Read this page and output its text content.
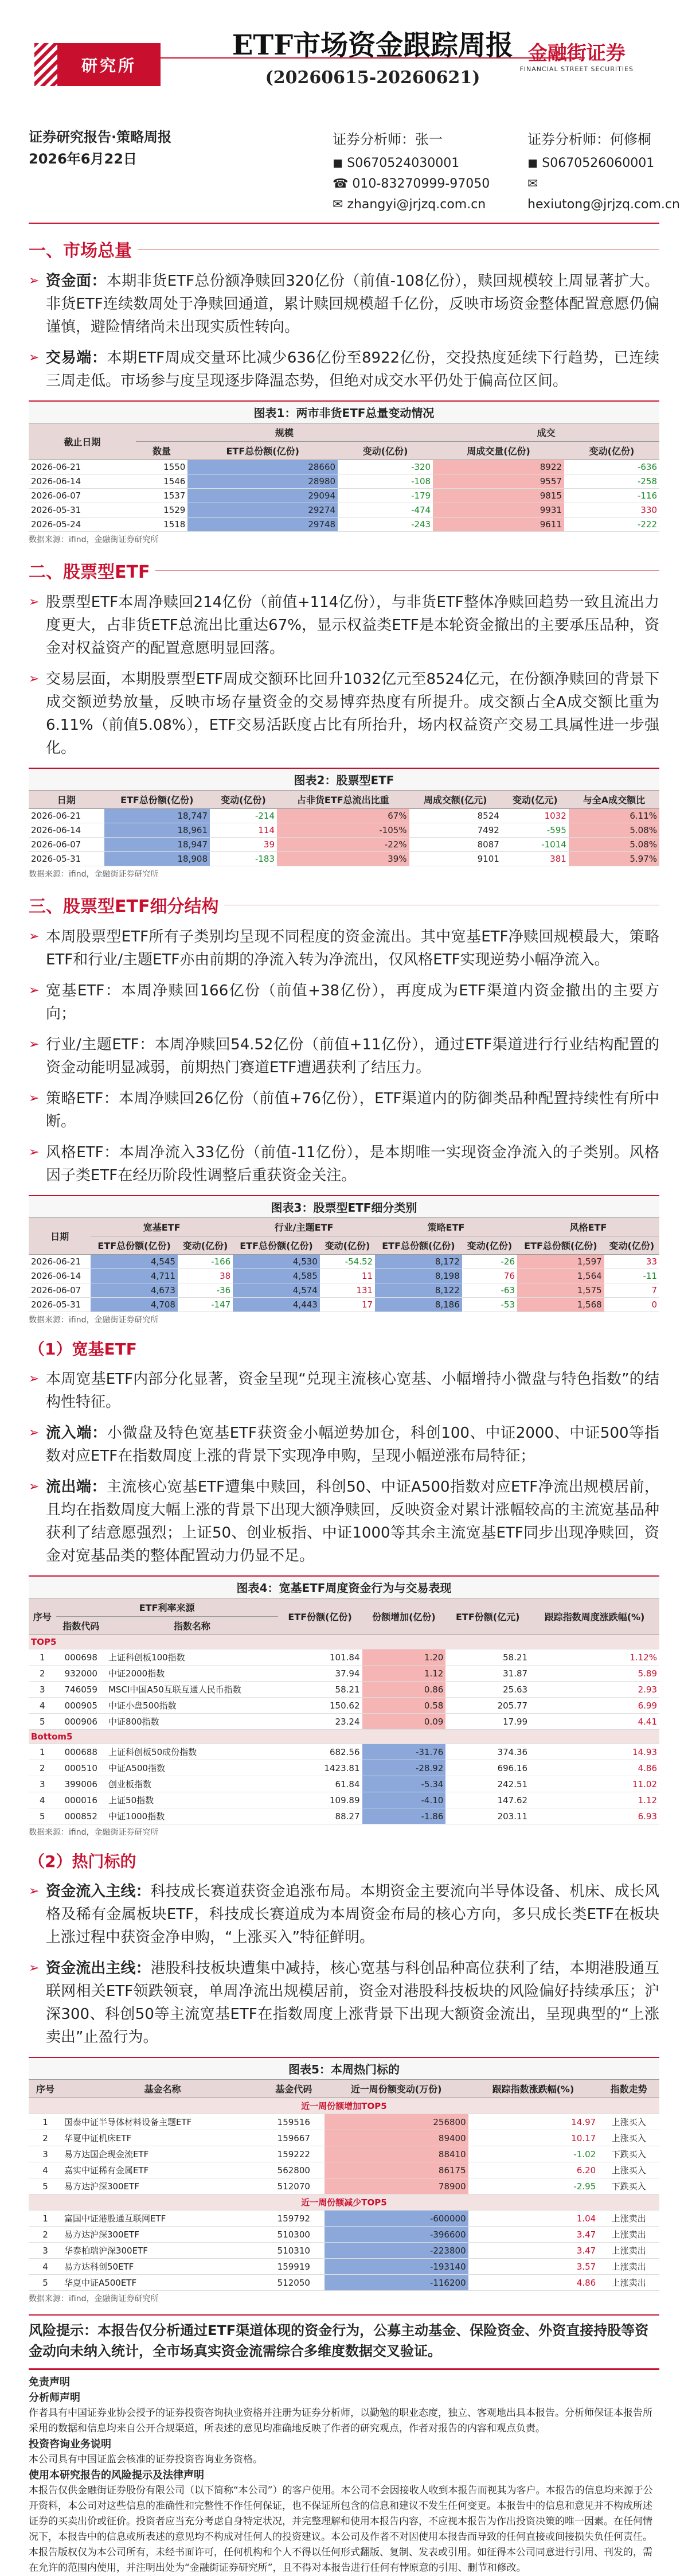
研究所
ETF市场资金跟踪周报
(20260615-20260621)
金融街证券
FINANCIAL STREET SECURITIES
证券研究报告·策略周报
2026年6月22日
证券分析师：张一
◼ S0670524030001
☎ 010-83270999-97050
✉ zhangyi@jrjzq.com.cn
证券分析师：何修桐
◼ S0670526060001
✉ hexiutong@jrjzq.com.cn
一、市场总量
➢ 资金面：本期非货ETF总份额净赎回320亿份（前值-108亿份），赎回规模较上周显著扩大。非货ETF连续数周处于净赎回通道，累计赎回规模超千亿份，反映市场资金整体配置意愿仍偏谨慎，避险情绪尚未出现实质性转向。
➢ 交易端：本期ETF周成交量环比减少636亿份至8922亿份，交投热度延续下行趋势，已连续三周走低。市场参与度呈现逐步降温态势，但绝对成交水平仍处于偏高位区间。
图表1：两市非货ETF总量变动情况
截止日期	规模			成交	
	数量	ETF总份额(亿份)	变动(亿份)	周成交量(亿份)	变动(亿份)
2026-06-21	1550	28660	-320	8922	-636
2026-06-14	1546	28980	-108	9557	-258
2026-06-07	1537	29094	-179	9815	-116
2026-05-31	1529	29274	-474	9931	330
2026-05-24	1518	29748	-243	9611	-222
数据来源：ifind，金融街证券研究所
二、股票型ETF
➢ 股票型ETF本周净赎回214亿份（前值+114亿份），与非货ETF整体净赎回趋势一致且流出力度更大，占非货ETF总流出比重达67%，显示权益类ETF是本轮资金撤出的主要承压品种，资金对权益资产的配置意愿明显回落。
➢ 交易层面，本期股票型ETF周成交额环比回升1032亿元至8524亿元，在份额净赎回的背景下成交额逆势放量，反映市场存量资金的交易博弈热度有所提升。成交额占全A成交额比重为6.11%（前值5.08%），ETF交易活跃度占比有所抬升，场内权益资产交易工具属性进一步强化。
图表2：股票型ETF
日期	ETF总份额(亿份)	变动(亿份)	占非货ETF总流出比重	周成交额(亿元)	变动(亿元)	与全A成交额比
2026-06-21	18,747	-214	67%	8524	1032	6.11%
2026-06-14	18,961	114	-105%	7492	-595	5.08%
2026-06-07	18,947	39	-22%	8087	-1014	5.08%
2026-05-31	18,908	-183	39%	9101	381	5.97%
数据来源：ifind，金融街证券研究所
三、股票型ETF细分结构
➢ 本周股票型ETF所有子类别均呈现不同程度的资金流出。其中宽基ETF净赎回规模最大，策略ETF和行业/主题ETF亦由前期的净流入转为净流出，仅风格ETF实现逆势小幅净流入。
➢ 宽基ETF：本周净赎回166亿份（前值+38亿份），再度成为ETF渠道内资金撤出的主要方向；
➢ 行业/主题ETF：本周净赎回54.52亿份（前值+11亿份），通过ETF渠道进行行业结构配置的资金动能明显减弱，前期热门赛道ETF遭遇获利了结压力。
➢ 策略ETF：本周净赎回26亿份（前值+76亿份），ETF渠道内的防御类品种配置持续性有所中断。
➢ 风格ETF：本周净流入33亿份（前值-11亿份），是本期唯一实现资金净流入的子类别。风格因子类ETF在经历阶段性调整后重获资金关注。
图表3：股票型ETF细分类别
日期	宽基ETF		行业/主题ETF		策略ETF		风格ETF	
	ETF总份额(亿份)	变动(亿份)	ETF总份额(亿份)	变动(亿份)	ETF总份额(亿份)	变动(亿份)	ETF总份额(亿份)	变动(亿份)
2026-06-21	4,545	-166	4,530	-54.52	8,172	-26	1,597	33
2026-06-14	4,711	38	4,585	11	8,198	76	1,564	-11
2026-06-07	4,673	-36	4,574	131	8,122	-63	1,575	7
2026-05-31	4,708	-147	4,443	17	8,186	-53	1,568	0
数据来源：ifind，金融街证券研究所
（1）宽基ETF
➢ 本周宽基ETF内部分化显著，资金呈现“兑现主流核心宽基、小幅增持小微盘与特色指数”的结构性特征。
➢ 流入端：小微盘及特色宽基ETF获资金小幅逆势加仓，科创100、中证2000、中证500等指数对应ETF在指数周度上涨的背景下实现净申购，呈现小幅逆涨布局特征；
➢ 流出端：主流核心宽基ETF遭集中赎回，科创50、中证A500指数对应ETF净流出规模居前，且均在指数周度大幅上涨的背景下出现大额净赎回，反映资金对累计涨幅较高的主流宽基品种获利了结意愿强烈；上证50、创业板指、中证1000等其余主流宽基ETF同步出现净赎回，资金对宽基品类的整体配置动力仍显不足。
图表4：宽基ETF周度资金行为与交易表现
序号	ETF利率来源		ETF份额(亿份)	份额增加(亿份)	ETF份额(亿元)	跟踪指数周度涨跌幅(%)
	指数代码	指数名称				
TOP5						
1	000698	上证科创板100指数	101.84	1.20	58.21	1.12%
2	932000	中证2000指数	37.94	1.12	31.87	5.89
3	746059	MSCI中国A50互联互通人民币指数	58.21	0.86	25.63	2.93
4	000905	中证小盘500指数	150.62	0.58	205.77	6.99
5	000906	中证800指数	23.24	0.09	17.99	4.41
Bottom5						
1	000688	上证科创板50成份指数	682.56	-31.76	374.36	14.93
2	000510	中证A500指数	1423.81	-28.92	696.16	4.86
3	399006	创业板指数	61.84	-5.34	242.51	11.02
4	000016	上证50指数	109.89	-4.10	147.62	1.12
5	000852	中证1000指数	88.27	-1.86	203.11	6.93
数据来源：ifind，金融街证券研究所
（2）热门标的
➢ 资金流入主线：科技成长赛道获资金追涨布局。本期资金主要流向半导体设备、机床、成长风格及稀有金属板块ETF，科技成长赛道成为本周资金布局的核心方向，多只成长类ETF在板块上涨过程中获资金净申购，“上涨买入”特征鲜明。
➢ 资金流出主线：港股科技板块遭集中减持，核心宽基与科创品种高位获利了结，本期港股通互联网相关ETF领跌领衰，单周净流出规模居前，资金对港股科技板块的风险偏好持续承压；沪深300、科创50等主流宽基ETF在指数周度上涨背景下出现大额资金流出，呈现典型的“上涨卖出”止盈行为。
图表5：本周热门标的
序号	基金名称	基金代码	近一周份额变动(万份)	跟踪指数涨跌幅(%)	指数走势
近一周份额增加TOP5					
1	国泰中证半导体材料设备主题ETF	159516	256800	14.97	上涨买入
2	华夏中证机床ETF	159667	89400	10.17	上涨买入
3	易方达国企现金流ETF	159222	88410	-1.02	下跌买入
4	嘉实中证稀有金属ETF	562800	86175	6.20	上涨买入
5	易方达沪深300ETF	512070	78900	-2.95	下跌买入
近一周份额减少TOP5					
1	富国中证港股通互联网ETF	159792	-600000	1.04	上涨卖出
2	易方达沪深300ETF	510300	-396600	3.47	上涨卖出
3	华泰柏瑞沪深300ETF	510310	-223800	3.47	上涨卖出
4	易方达科创50ETF	159919	-193140	3.57	上涨卖出
5	华夏中证A500ETF	512050	-116200	4.86	上涨卖出
数据来源：ifind，金融街证券研究所
风险提示：本报告仅分析通过ETF渠道体现的资金行为，公募主动基金、保险资金、外资直接持股等资金动向未纳入统计，全市场真实资金流需综合多维度数据交叉验证。
免责声明
分析师声明
作者具有中国证券业协会授予的证券投资咨询执业资格并注册为证券分析师，以勤勉的职业态度，独立、客观地出具本报告。分析师保证本报告所采用的数据和信息均来自公开合规渠道，所表述的意见均准确地反映了作者的研究观点，作者对报告的内容和观点负责。
投资咨询业务说明
本公司具有中国证监会核准的证券投资咨询业务资格。
使用本研究报告的风险提示及法律声明
本报告仅供金融街证券股份有限公司（以下简称“本公司”）的客户使用。本公司不会因接收人收到本报告而视其为客户。本报告的信息均来源于公开资料，本公司对这些信息的准确性和完整性不作任何保证，也不保证所包含的信息和建议不发生任何变更。本报告中的信息和意见并不构成所述证券的买卖出价或征价。投资者应当充分考虑自身特定状况，并完整理解和使用本报告内容，不应视本报告为作出投资决策的唯一因素。在任何情况下，本报告中的信息或所表述的意见均不构成对任何人的投资建议。本公司及作者不对因使用本报告而导致的任何直接或间接损失负任何责任。本报告版权仅为本公司所有，未经书面许可，任何机构和个人不得以任何形式翻版、复制、发表或引用。如征得本公司同意进行引用、刊发的，需在允许的范围内使用，并注明出处为“金融街证券研究所”，且不得对本报告进行任何有悖原意的引用、删节和修改。
